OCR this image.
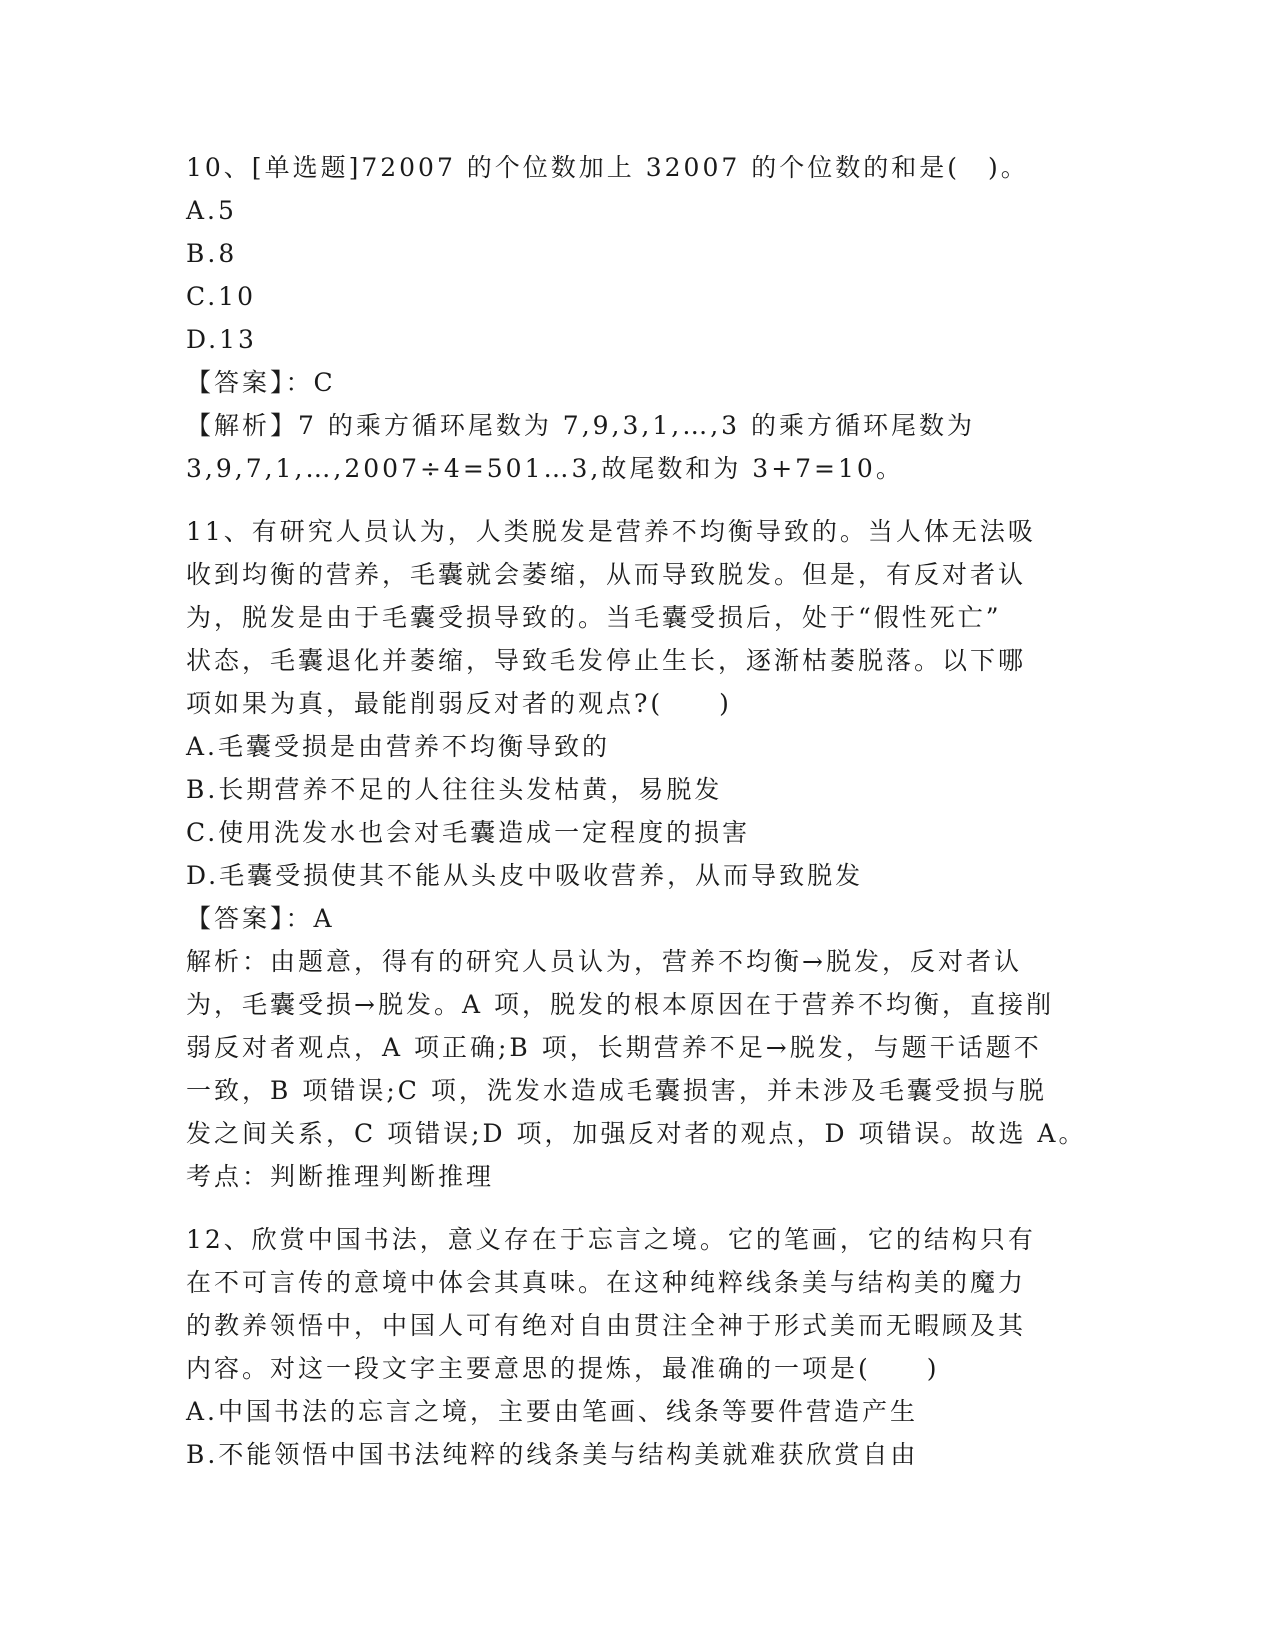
10、[单选题]72007 的个位数加上 32007 的个位数的和是(　)。
A.5
B.8
C.10
D.13
【答案】：C
【解析】7 的乘方循环尾数为 7,9,3,1,…,3 的乘方循环尾数为
3,9,7,1,…,2007÷4=501…3,故尾数和为 3+7=10。
11、有研究人员认为，人类脱发是营养不均衡导致的。当人体无法吸
收到均衡的营养，毛囊就会萎缩，从而导致脱发。但是，有反对者认
为，脱发是由于毛囊受损导致的。当毛囊受损后，处于“假性死亡”
状态，毛囊退化并萎缩，导致毛发停止生长，逐渐枯萎脱落。以下哪
项如果为真，最能削弱反对者的观点?(　　)
A.毛囊受损是由营养不均衡导致的
B.长期营养不足的人往往头发枯黄，易脱发
C.使用洗发水也会对毛囊造成一定程度的损害
D.毛囊受损使其不能从头皮中吸收营养，从而导致脱发
【答案】：A
解析：由题意，得有的研究人员认为，营养不均衡→脱发，反对者认
为，毛囊受损→脱发。A 项，脱发的根本原因在于营养不均衡，直接削
弱反对者观点，A 项正确;B 项，长期营养不足→脱发，与题干话题不
一致，B 项错误;C 项，洗发水造成毛囊损害，并未涉及毛囊受损与脱
发之间关系，C 项错误;D 项，加强反对者的观点，D 项错误。故选 A。
考点：判断推理判断推理
12、欣赏中国书法，意义存在于忘言之境。它的笔画，它的结构只有
在不可言传的意境中体会其真味。在这种纯粹线条美与结构美的魔力
的教养领悟中，中国人可有绝对自由贯注全神于形式美而无暇顾及其
内容。对这一段文字主要意思的提炼，最准确的一项是(　　)
A.中国书法的忘言之境，主要由笔画、线条等要件营造产生
B.不能领悟中国书法纯粹的线条美与结构美就难获欣赏自由
